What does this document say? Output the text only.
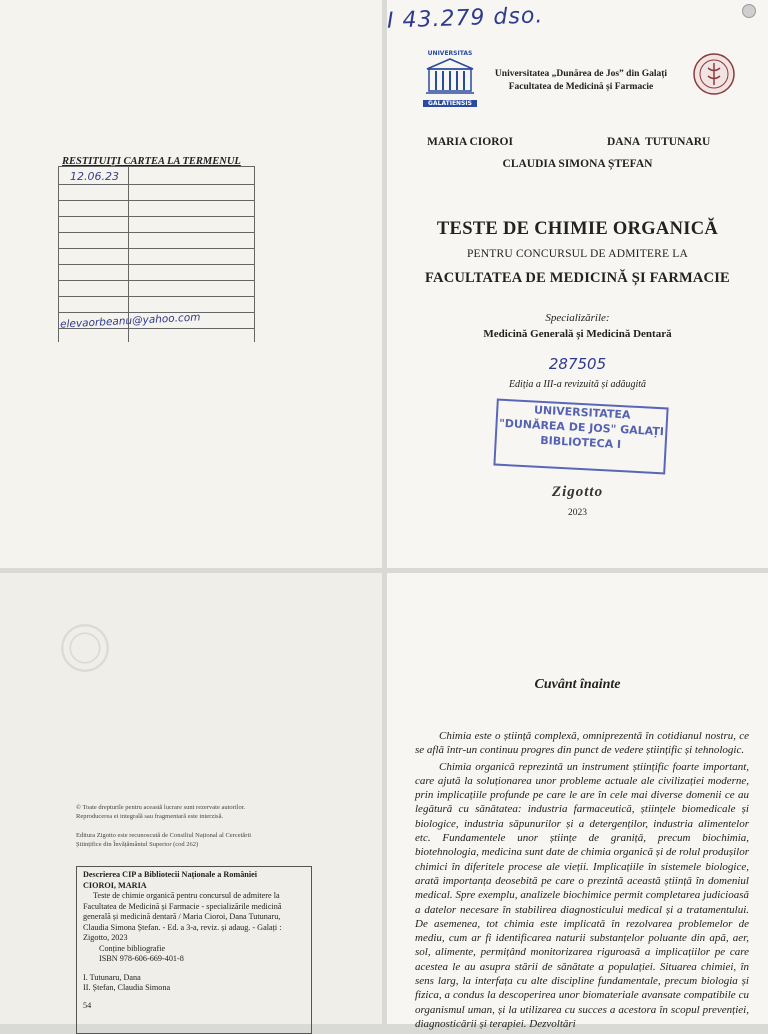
RESTITUIȚI CARTEA LA TERMENUL
12.06.23
elevaorbeanu@yahoo.com
I 43.279 dso.
UNIVERSITAS
GALATIENSIS
Universitatea „Dunărea de Jos” din Galați
Facultatea de Medicină și Farmacie
MARIA CIOROI	DANA  TUTUNARU
CLAUDIA SIMONA ȘTEFAN
TESTE DE CHIMIE ORGANICĂ
PENTRU CONCURSUL DE ADMITERE LA
FACULTATEA DE MEDICINĂ ȘI FARMACIE
Specializările:
Medicină Generală și Medicină Dentară
287505
Ediția a III-a revizuită și adăugită
UNIVERSITATEA
"DUNĂREA DE JOS" GALAȚI
BIBLIOTECA I
Zigotto
2023
© Toate drepturile pentru această lucrare sunt rezervate autorilor.
Reproducerea ei integrală sau fragmentară este interzisă.
Editura Zigotto este recunoscută de Consiliul Național al Cercetării
Științifice din Învățământul Superior (cod 262)
Descrierea CIP a Bibliotecii Naționale a României
CIOROI, MARIA
Teste de chimie organică pentru concursul de admitere la
Facultatea de Medicină și Farmacie - specializările medicină
generală și medicină dentară / Maria Cioroi, Dana Tutunaru,
Claudia Simona Ștefan. - Ed. a 3-a, reviz. și adaug. - Galați :
Zigotto, 2023
Conține bibliografie
ISBN 978-606-669-401-8
I. Tutunaru, Dana
II. Ștefan, Claudia Simona
54
Cuvânt înainte

Chimia este o știință complexă, omniprezentă în cotidianul nostru, ce se află într-un continuu progres din punct de vedere științific și tehnologic.

Chimia organică reprezintă un instrument științific foarte important, care ajută la soluționarea unor probleme actuale ale civilizației moderne, prin implicațiile profunde pe care le are în cele mai diverse domenii ce au legătură cu sănătatea: industria farmaceutică, științele biomedicale și biologice, industria săpunurilor și a detergenților, industria alimentelor etc. Fundamentele unor științe de graniță, precum biochimia, biotehnologia, medicina sunt date de chimia organică și de rolul produșilor chimici în diferitele procese ale vieții. Implicațiile în sistemele biologice, arată importanța deosebită pe care o prezintă această știință în domeniul medical. Spre exemplu, analizele biochimice permit completarea judicioasă a datelor necesare în stabilirea diagnosticului medical și a tratamentului. De asemenea, tot chimia este implicată în rezolvarea problemelor de mediu, cum ar fi identificarea naturii substanțelor poluante din apă, aer, sol, alimente, permițând monitorizarea riguroasă a implicațiilor pe care acestea le au asupra stării de sănătate a populației. Situarea chimiei, în sens larg, la interfața cu alte discipline fundamentale, precum biologia și fizica, a condus la descoperirea unor biomateriale avansate compatibile cu organismul uman, și la utilizarea cu succes a acestora în scopul prevenției, diagnosticării și terapiei. Dezvoltări
